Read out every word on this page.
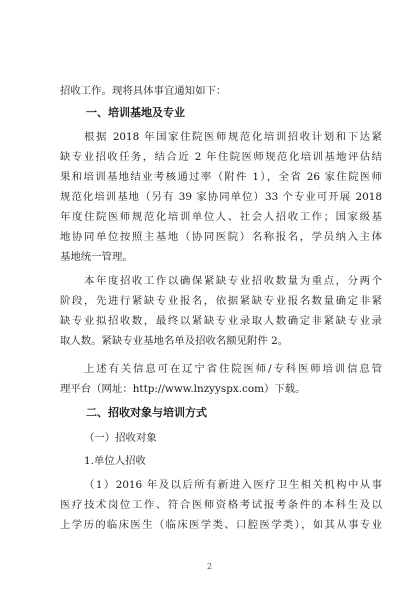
招收工作。现将具体事宜通知如下：
一、培训基地及专业
根据 2018 年国家住院医师规范化培训招收计划和下达紧
缺专业招收任务，结合近 2 年住院医师规范化培训基地评估结
果和培训基地结业考核通过率（附件 1），全省 26 家住院医师
规范化培训基地（另有 39 家协同单位）33 个专业可开展 2018
年度住院医师规范化培训单位人、社会人招收工作；国家级基
地协同单位按照主基地（协同医院）名称报名，学员纳入主体
基地统一管理。
本年度招收工作以确保紧缺专业招收数量为重点，分两个
阶段，先进行紧缺专业报名，依据紧缺专业报名数量确定非紧
缺专业拟招收数，最终以紧缺专业录取人数确定非紧缺专业录
取人数。紧缺专业基地名单及招收名额见附件 2。
上述有关信息可在辽宁省住院医师/专科医师培训信息管
理平台（网址：http://www.lnzyyspx.com）下载。
二、招收对象与培训方式
（一）招收对象
1.单位人招收
（1）2016 年及以后所有新进入医疗卫生相关机构中从事
医疗技术岗位工作、符合医师资格考试报考条件的本科生及以
上学历的临床医生（临床医学类、口腔医学类），如其从事专业
2
